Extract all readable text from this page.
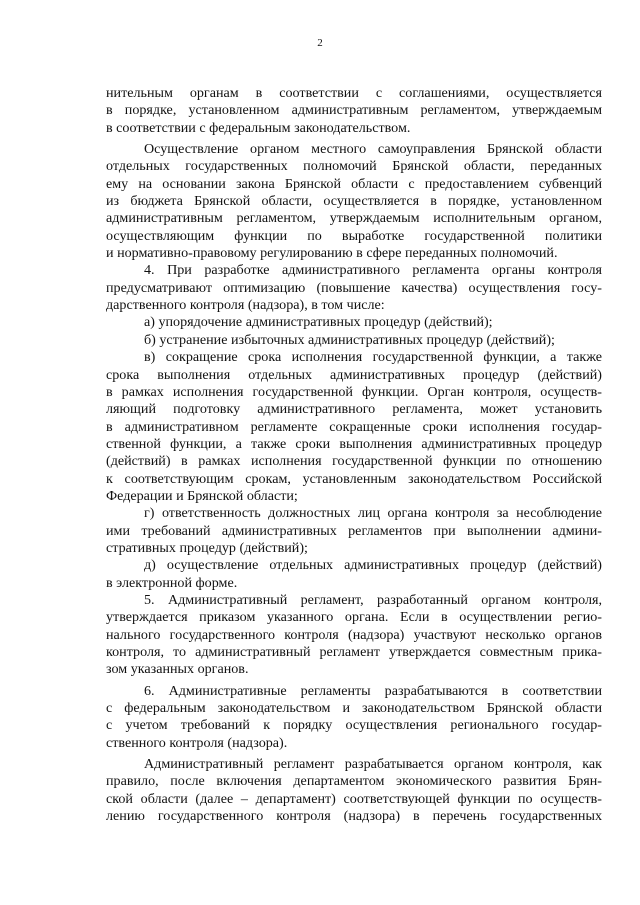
2
нительным органам в соответствии с соглашениями, осуществляется
в порядке, установленном административным регламентом, утверждаемым
в соответствии с федеральным законодательством.
Осуществление органом местного самоуправления Брянской области
отдельных государственных полномочий Брянской области, переданных
ему на основании закона Брянской области с предоставлением субвенций
из бюджета Брянской области, осуществляется в порядке, установленном
административным регламентом, утверждаемым исполнительным органом,
осуществляющим функции по выработке государственной политики
и нормативно-правовому регулированию в сфере переданных полномочий.
4. При разработке административного регламента органы контроля
предусматривают оптимизацию (повышение качества) осуществления госу-
дарственного контроля (надзора), в том числе:
а) упорядочение административных процедур (действий);
б) устранение избыточных административных процедур (действий);
в) сокращение срока исполнения государственной функции, а также
срока выполнения отдельных административных процедур (действий)
в рамках исполнения государственной функции. Орган контроля, осуществ-
ляющий подготовку административного регламента, может установить
в административном регламенте сокращенные сроки исполнения государ-
ственной функции, а также сроки выполнения административных процедур
(действий) в рамках исполнения государственной функции по отношению
к соответствующим срокам, установленным законодательством Российской
Федерации и Брянской области;
г) ответственность должностных лиц органа контроля за несоблюдение
ими требований административных регламентов при выполнении админи-
стративных процедур (действий);
д) осуществление отдельных административных процедур (действий)
в электронной форме.
5. Административный регламент, разработанный органом контроля,
утверждается приказом указанного органа. Если в осуществлении регио-
нального государственного контроля (надзора) участвуют несколько органов
контроля, то административный регламент утверждается совместным прика-
зом указанных органов.
6. Административные регламенты разрабатываются в соответствии
с федеральным законодательством и законодательством Брянской области
с учетом требований к порядку осуществления регионального государ-
ственного контроля (надзора).
Административный регламент разрабатывается органом контроля, как
правило, после включения департаментом экономического развития Брян-
ской области (далее – департамент) соответствующей функции по осуществ-
лению государственного контроля (надзора) в перечень государственных
